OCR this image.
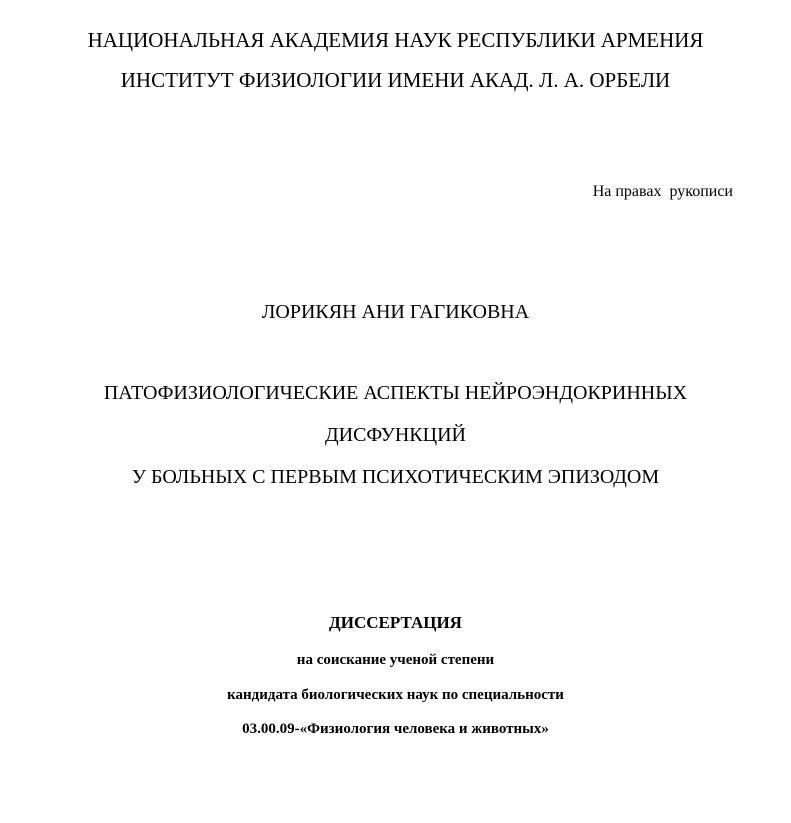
НАЦИОНАЛЬНАЯ АКАДЕМИЯ НАУК РЕСПУБЛИКИ АРМЕНИЯ
ИНСТИТУТ ФИЗИОЛОГИИ ИМЕНИ АКАД. Л. А. ОРБЕЛИ
На правах  рукописи
ЛОРИКЯН АНИ ГАГИКОВНА
ПАТОФИЗИОЛОГИЧЕСКИЕ АСПЕКТЫ НЕЙРОЭНДОКРИННЫХ
ДИСФУНКЦИЙ
У БОЛЬНЫХ С ПЕРВЫМ ПСИХОТИЧЕСКИМ ЭПИЗОДОМ
ДИССЕРТАЦИЯ
на соискание ученой степени
кандидата биологических наук по специальности
03.00.09-«Физиология человека и животных»
